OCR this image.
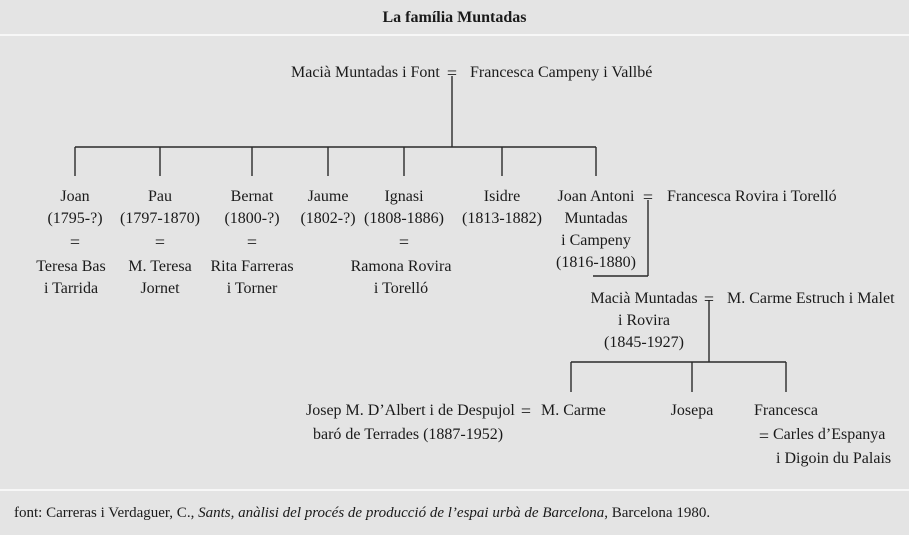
La família Muntadas
Macià Muntadas i Font = Francesca Campeny i Vallbé
Joan
(1795-?)
=
Teresa Bas
i Tarrida
Pau
(1797-1870)
=
M. Teresa
Jornet
Bernat
(1800-?)
=
Rita Farreras
i Torner
Jaume
(1802-?)
Ignasi
(1808-1886)
=
Ramona Rovira
i Torelló
Isidre
(1813-1882)
Joan Antoni
Muntadas
i Campeny
(1816-1880)
= Francesca Rovira i Torelló
Macià Muntadas
i Rovira
(1845-1927)
= M. Carme Estruch i Malet
Josep M. D’Albert i de Despujol
baró de Terrades (1887-1952)
= M. Carme	Josepa	Francesca
= Carles d’Espanya
i Digoin du Palais
font: Carreras i Verdaguer, C., Sants, anàlisi del procés de producció de l’espai urbà de Barcelona, Barcelona 1980.
